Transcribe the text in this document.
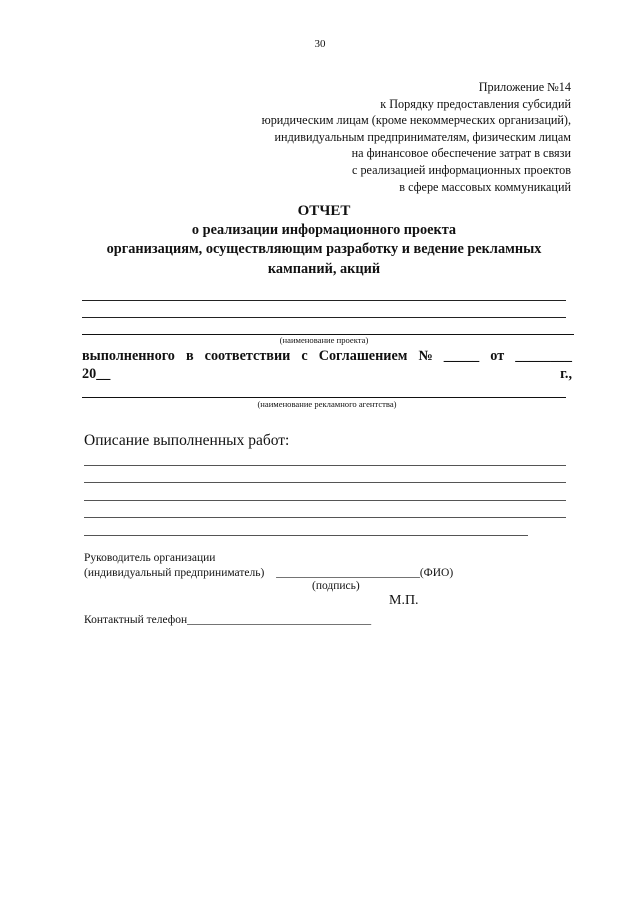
30
Приложение №14
к Порядку предоставления субсидий
юридическим лицам (кроме некоммерческих организаций),
индивидуальным предпринимателям, физическим лицам
на финансовое обеспечение затрат в связи
с реализацией информационных проектов
в сфере массовых коммуникаций
ОТЧЕТ
о реализации информационного проекта
организациям, осуществляющим разработку и ведение рекламных
кампаний, акций
(наименование проекта)
выполненного в соответствии с Соглашением № _____ от ________
20__	г.,
(наименование рекламного агентства)
Описание выполненных работ:
Руководитель организации
(индивидуальный предприниматель) _________________________(ФИО)
(подпись)
М.П.
Контактный телефон________________________________
